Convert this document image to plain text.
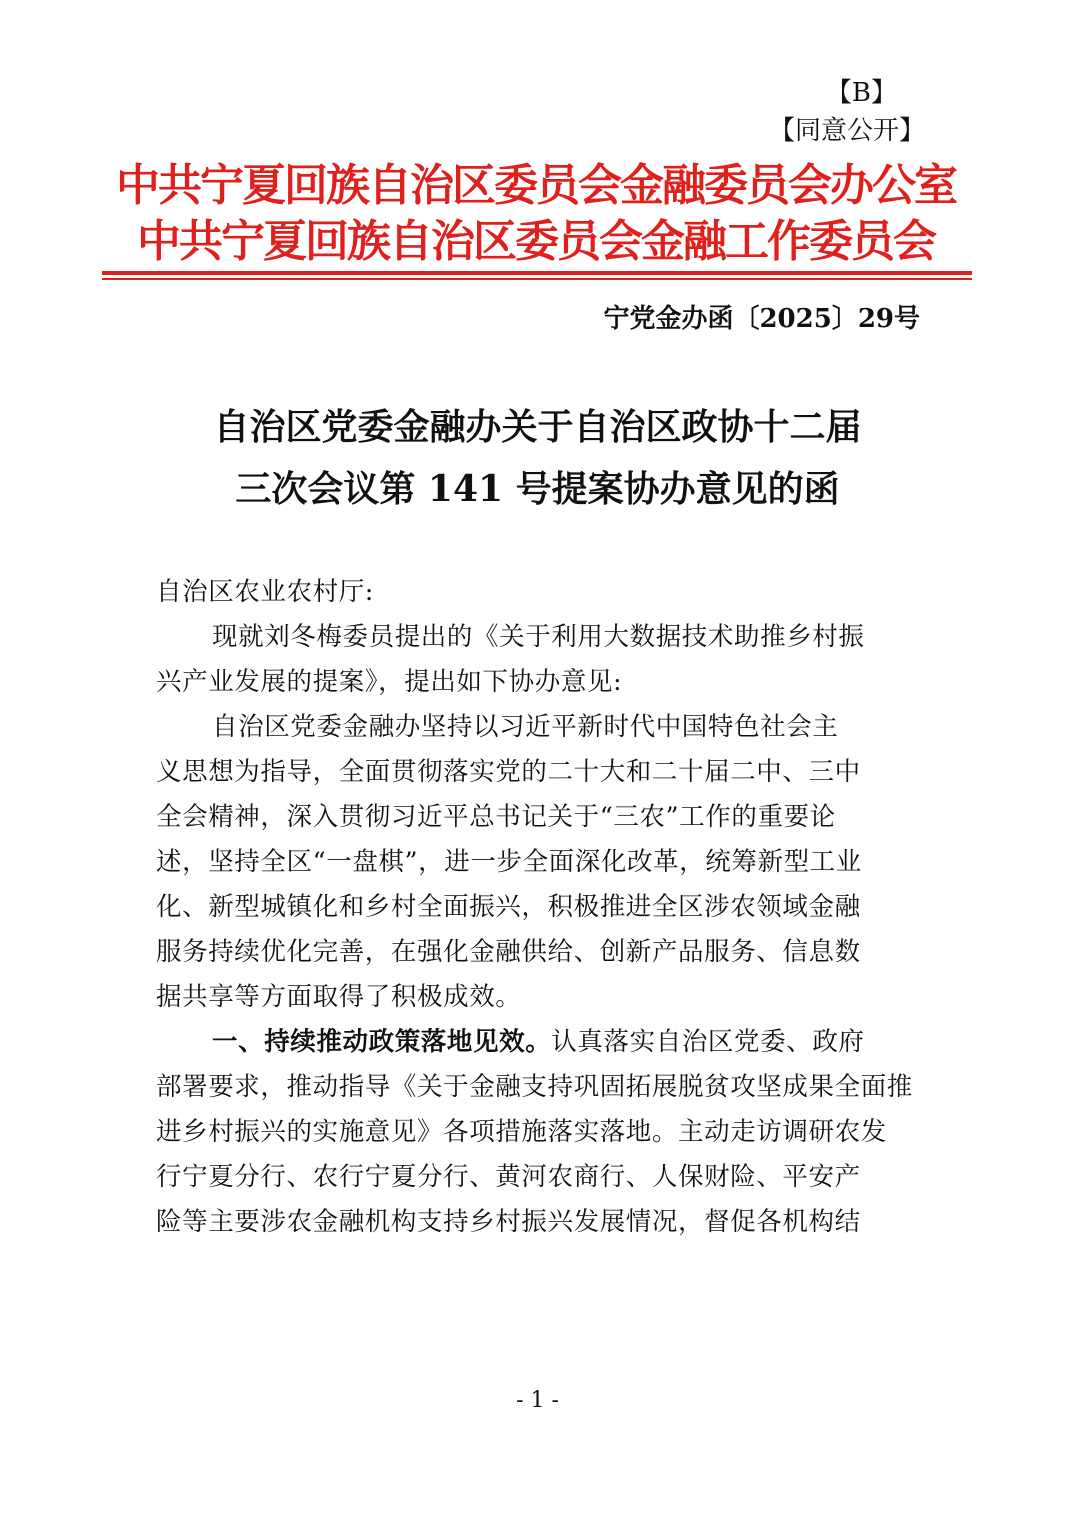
【B】
【同意公开】
中共宁夏回族自治区委员会金融委员会办公室
中共宁夏回族自治区委员会金融工作委员会
宁党金办函〔2025〕29号
自治区党委金融办关于自治区政协十二届
三次会议第 141 号提案协办意见的函
自治区农业农村厅:
现就刘冬梅委员提出的《关于利用大数据技术助推乡村振
兴产业发展的提案》，提出如下协办意见:
自治区党委金融办坚持以习近平新时代中国特色社会主
义思想为指导，全面贯彻落实党的二十大和二十届二中、三中
全会精神，深入贯彻习近平总书记关于“三农”工作的重要论
述，坚持全区“一盘棋”，进一步全面深化改革，统筹新型工业
化、新型城镇化和乡村全面振兴，积极推进全区涉农领域金融
服务持续优化完善，在强化金融供给、创新产品服务、信息数
据共享等方面取得了积极成效。
一、持续推动政策落地见效。认真落实自治区党委、政府
部署要求，推动指导《关于金融支持巩固拓展脱贫攻坚成果全面推
进乡村振兴的实施意见》各项措施落实落地。主动走访调研农发
行宁夏分行、农行宁夏分行、黄河农商行、人保财险、平安产
险等主要涉农金融机构支持乡村振兴发展情况，督促各机构结
- 1 -
